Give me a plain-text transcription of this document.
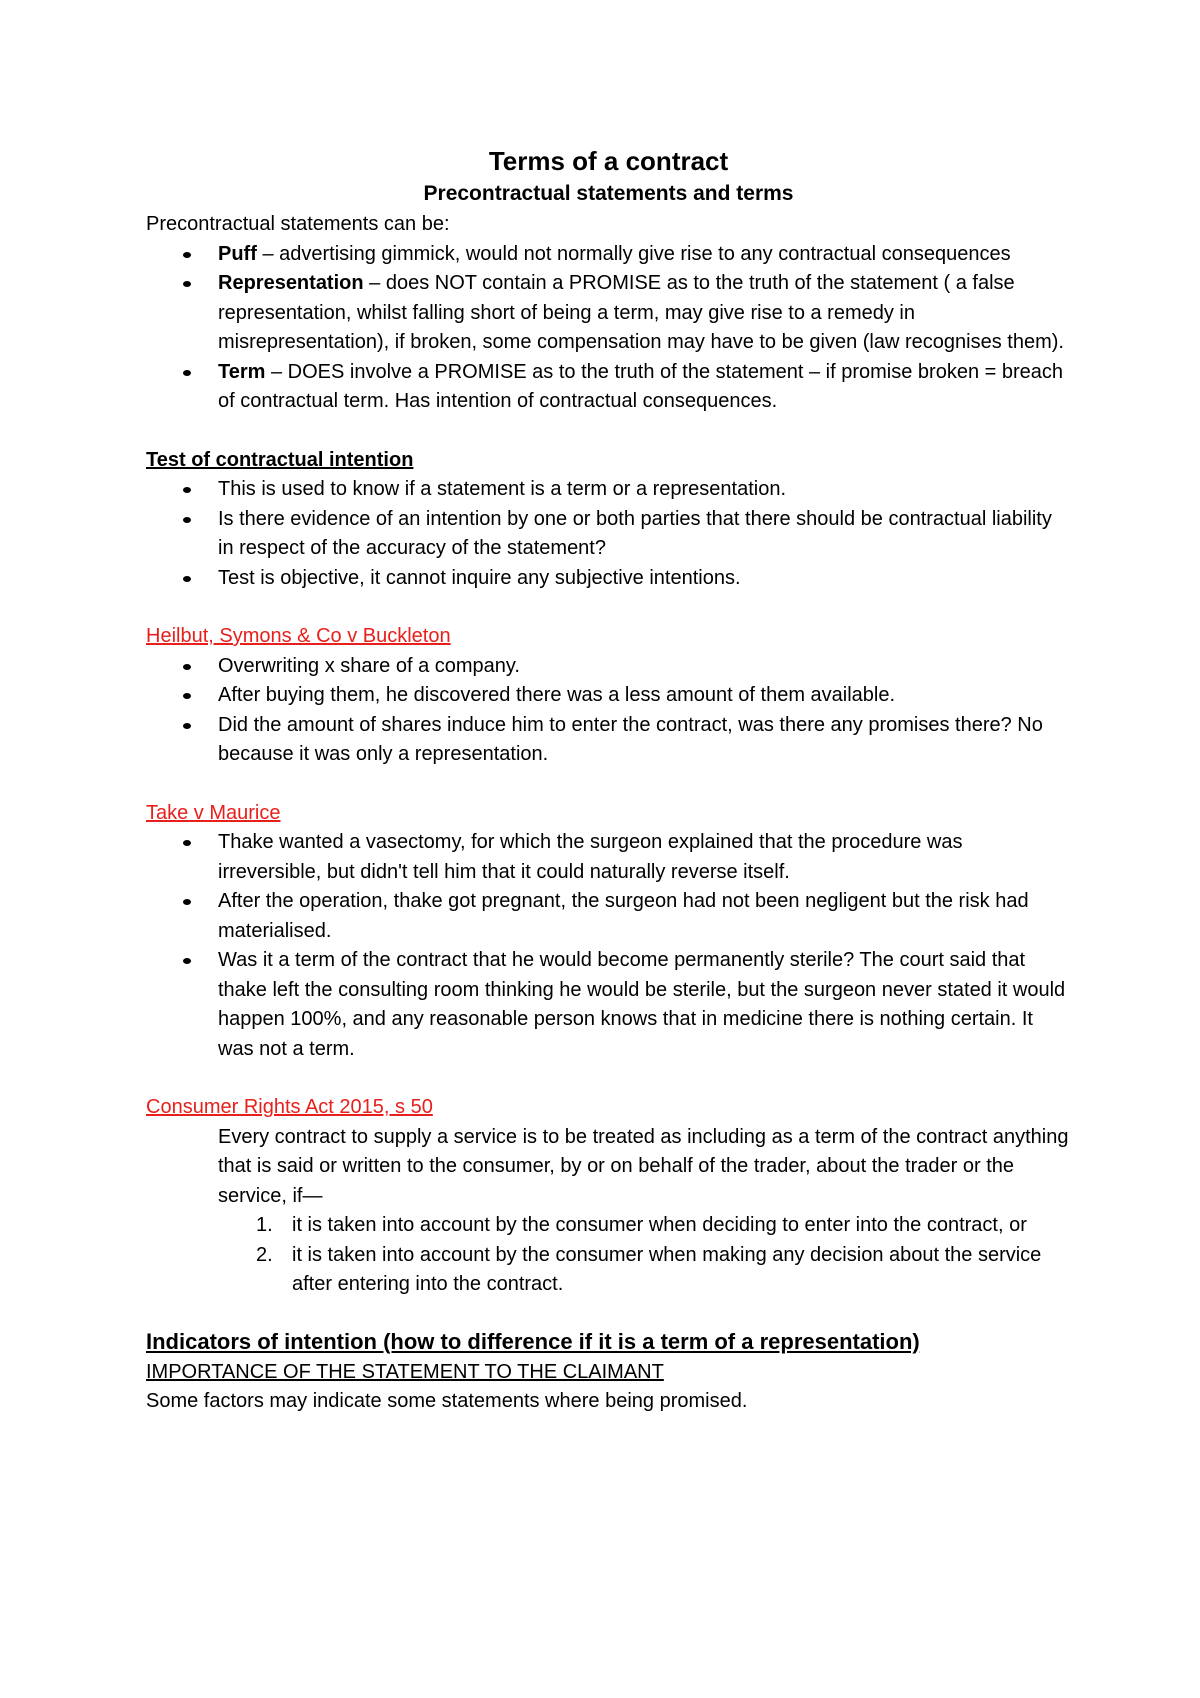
Terms of a contract
Precontractual statements and terms

Precontractual statements can be:

Puff – advertising gimmick, would not normally give rise to any contractual consequences
Representation – does NOT contain a PROMISE as to the truth of the statement ( a false representation, whilst falling short of being a term, may give rise to a remedy in misrepresentation), if broken, some compensation may have to be given (law recognises them).
Term – DOES involve a PROMISE as to the truth of the statement – if promise broken = breach of contractual term. Has intention of contractual consequences.

Test of contractual intention

This is used to know if a statement is a term or a representation.
Is there evidence of an intention by one or both parties that there should be contractual liability in respect of the accuracy of the statement?
Test is objective, it cannot inquire any subjective intentions.

Heilbut, Symons & Co v Buckleton

Overwriting x share of a company.
After buying them, he discovered there was a less amount of them available.
Did the amount of shares induce him to enter the contract, was there any promises there? No because it was only a representation.

Take v Maurice

Thake wanted a vasectomy, for which the surgeon explained that the procedure was irreversible, but didn't tell him that it could naturally reverse itself.
After the operation, thake got pregnant, the surgeon had not been negligent but the risk had materialised.
Was it a term of the contract that he would become permanently sterile? The court said that thake left the consulting room thinking he would be sterile, but the surgeon never stated it would happen 100%, and any reasonable person knows that in medicine there is nothing certain. It was not a term.

Consumer Rights Act 2015, s 50

Every contract to supply a service is to be treated as including as a term of the contract anything that is said or written to the consumer, by or on behalf of the trader, about the trader or the service, if—

1. it is taken into account by the consumer when deciding to enter into the contract, or
2. it is taken into account by the consumer when making any decision about the service after entering into the contract.

Indicators of intention (how to difference if it is a term of a representation)

IMPORTANCE OF THE STATEMENT TO THE CLAIMANT

Some factors may indicate some statements where being promised.
